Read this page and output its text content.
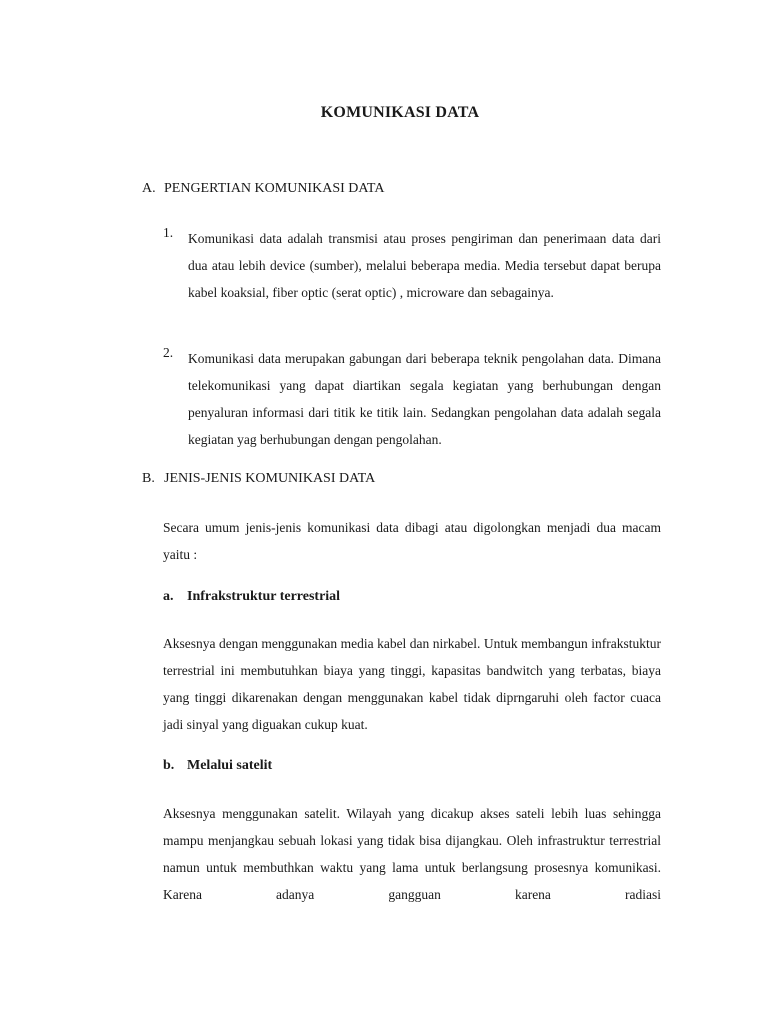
KOMUNIKASI DATA
A. PENGERTIAN KOMUNIKASI DATA
1. Komunikasi data adalah transmisi atau proses pengiriman dan penerimaan data dari dua atau lebih device (sumber), melalui beberapa media. Media tersebut dapat berupa kabel koaksial, fiber optic (serat optic) , microware dan sebagainya.

2. Komunikasi data merupakan gabungan dari beberapa teknik pengolahan data. Dimana telekomunikasi yang dapat diartikan segala kegiatan yang berhubungan dengan penyaluran informasi dari titik ke titik lain. Sedangkan pengolahan data adalah segala kegiatan yag berhubungan dengan pengolahan.

B. JENIS-JENIS KOMUNIKASI DATA

Secara umum jenis-jenis komunikasi data dibagi atau digolongkan menjadi dua macam yaitu :

a. Infrakstruktur terrestrial

Aksesnya dengan menggunakan media kabel dan nirkabel. Untuk membangun infrakstuktur terrestrial ini membutuhkan biaya yang tinggi, kapasitas bandwitch yang terbatas, biaya yang tinggi dikarenakan dengan menggunakan kabel tidak diprngaruhi oleh factor cuaca jadi sinyal yang diguakan cukup kuat.

b. Melalui satelit

Aksesnya menggunakan satelit. Wilayah yang dicakup akses sateli lebih luas sehingga mampu menjangkau sebuah lokasi yang tidak bisa dijangkau. Oleh infrastruktur terrestrial namun untuk membuthkan waktu yang lama untuk berlangsung prosesnya komunikasi. Karena adanya gangguan karena radiasi
